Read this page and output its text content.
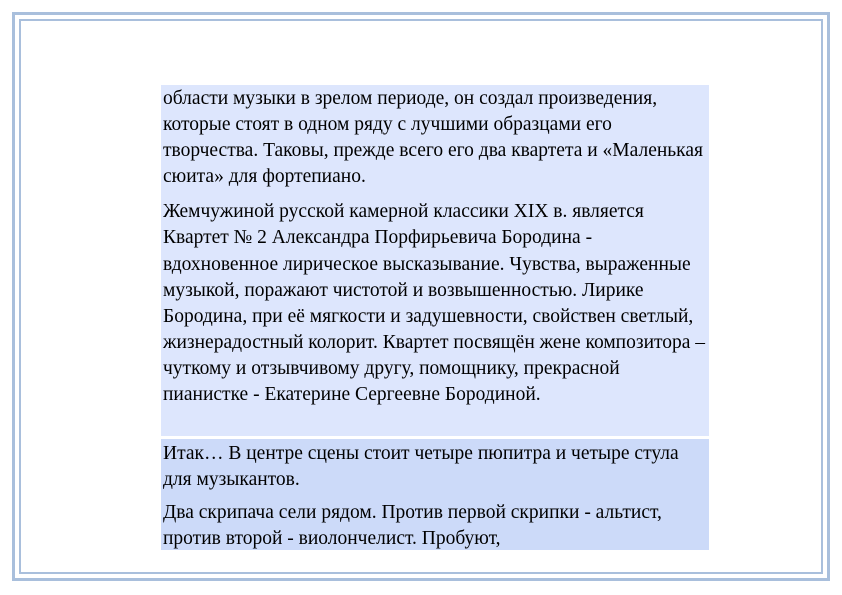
области музыки в зрелом периоде, он создал произведения, которые стоят в одном ряду с лучшими образцами его творчества. Таковы, прежде всего его два квартета и «Маленькая сюита» для фортепиано.

Жемчужиной русской камерной классики XIX в. является Квартет № 2 Александра Порфирьевича Бородина - вдохновенное лирическое высказывание. Чувства, выраженные музыкой, поражают чистотой и возвышенностью. Лирике Бородина, при её мягкости и задушевности, свойствен светлый, жизнерадостный колорит. Квартет посвящён жене композитора – чуткому и отзывчивому другу, помощнику, прекрасной пианистке - Екатерине Сергеевне Бородиной.

Итак… В центре сцены стоит четыре пюпитра и четыре стула для музыкантов.

Два скрипача сели рядом. Против первой скрипки - альтист, против второй - виолончелист. Пробуют,
